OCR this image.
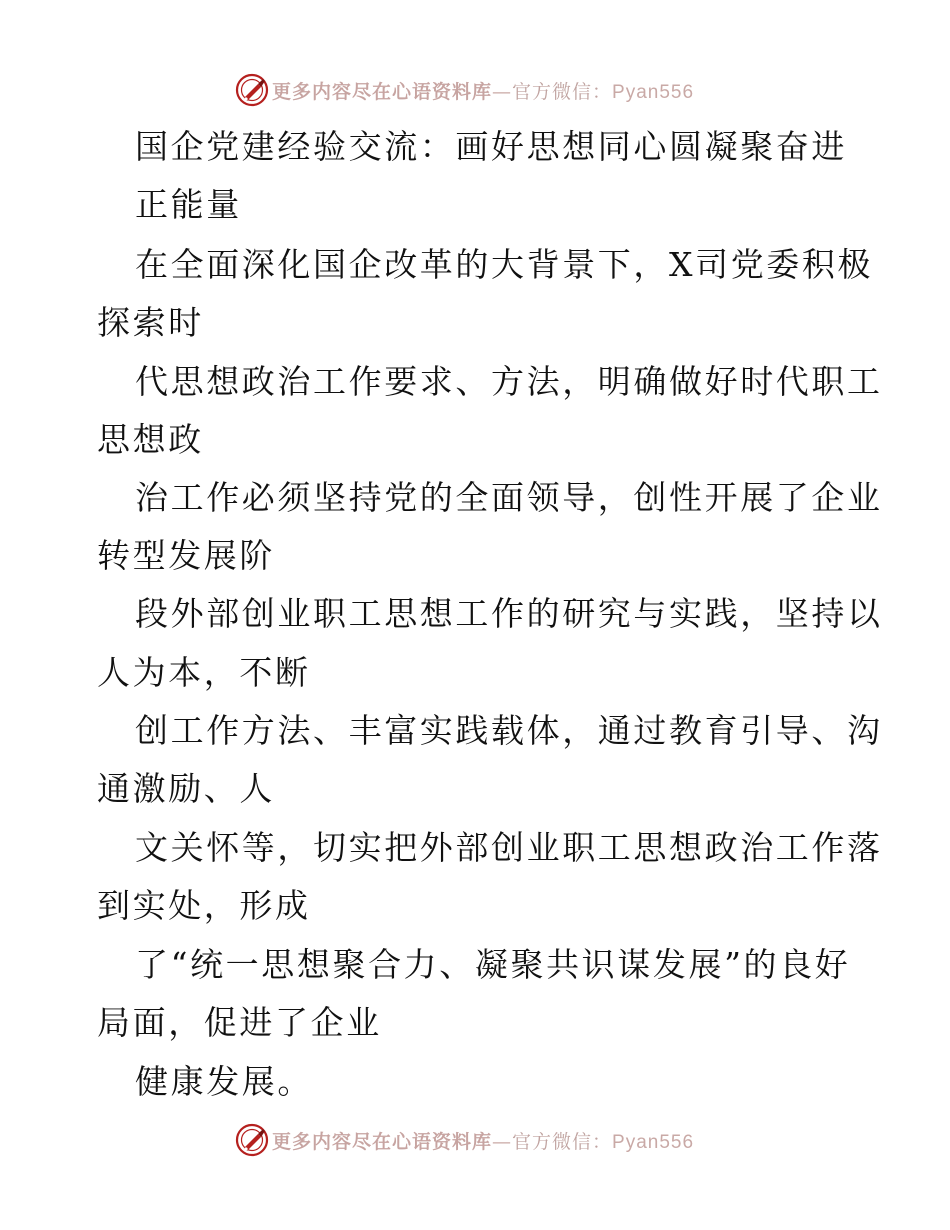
更多内容尽在心语资料库—官方微信：Pyan556
国企党建经验交流：画好思想同心圆凝聚奋进
正能量
在全面深化国企改革的大背景下，X司党委积极
探索时
代思想政治工作要求、方法，明确做好时代职工
思想政
治工作必须坚持党的全面领导，创性开展了企业
转型发展阶
段外部创业职工思想工作的研究与实践，坚持以
人为本，不断
创工作方法、丰富实践载体，通过教育引导、沟
通激励、人
文关怀等，切实把外部创业职工思想政治工作落
到实处，形成
了“统一思想聚合力、凝聚共识谋发展”的良好
局面，促进了企业
健康发展。
更多内容尽在心语资料库—官方微信：Pyan556
